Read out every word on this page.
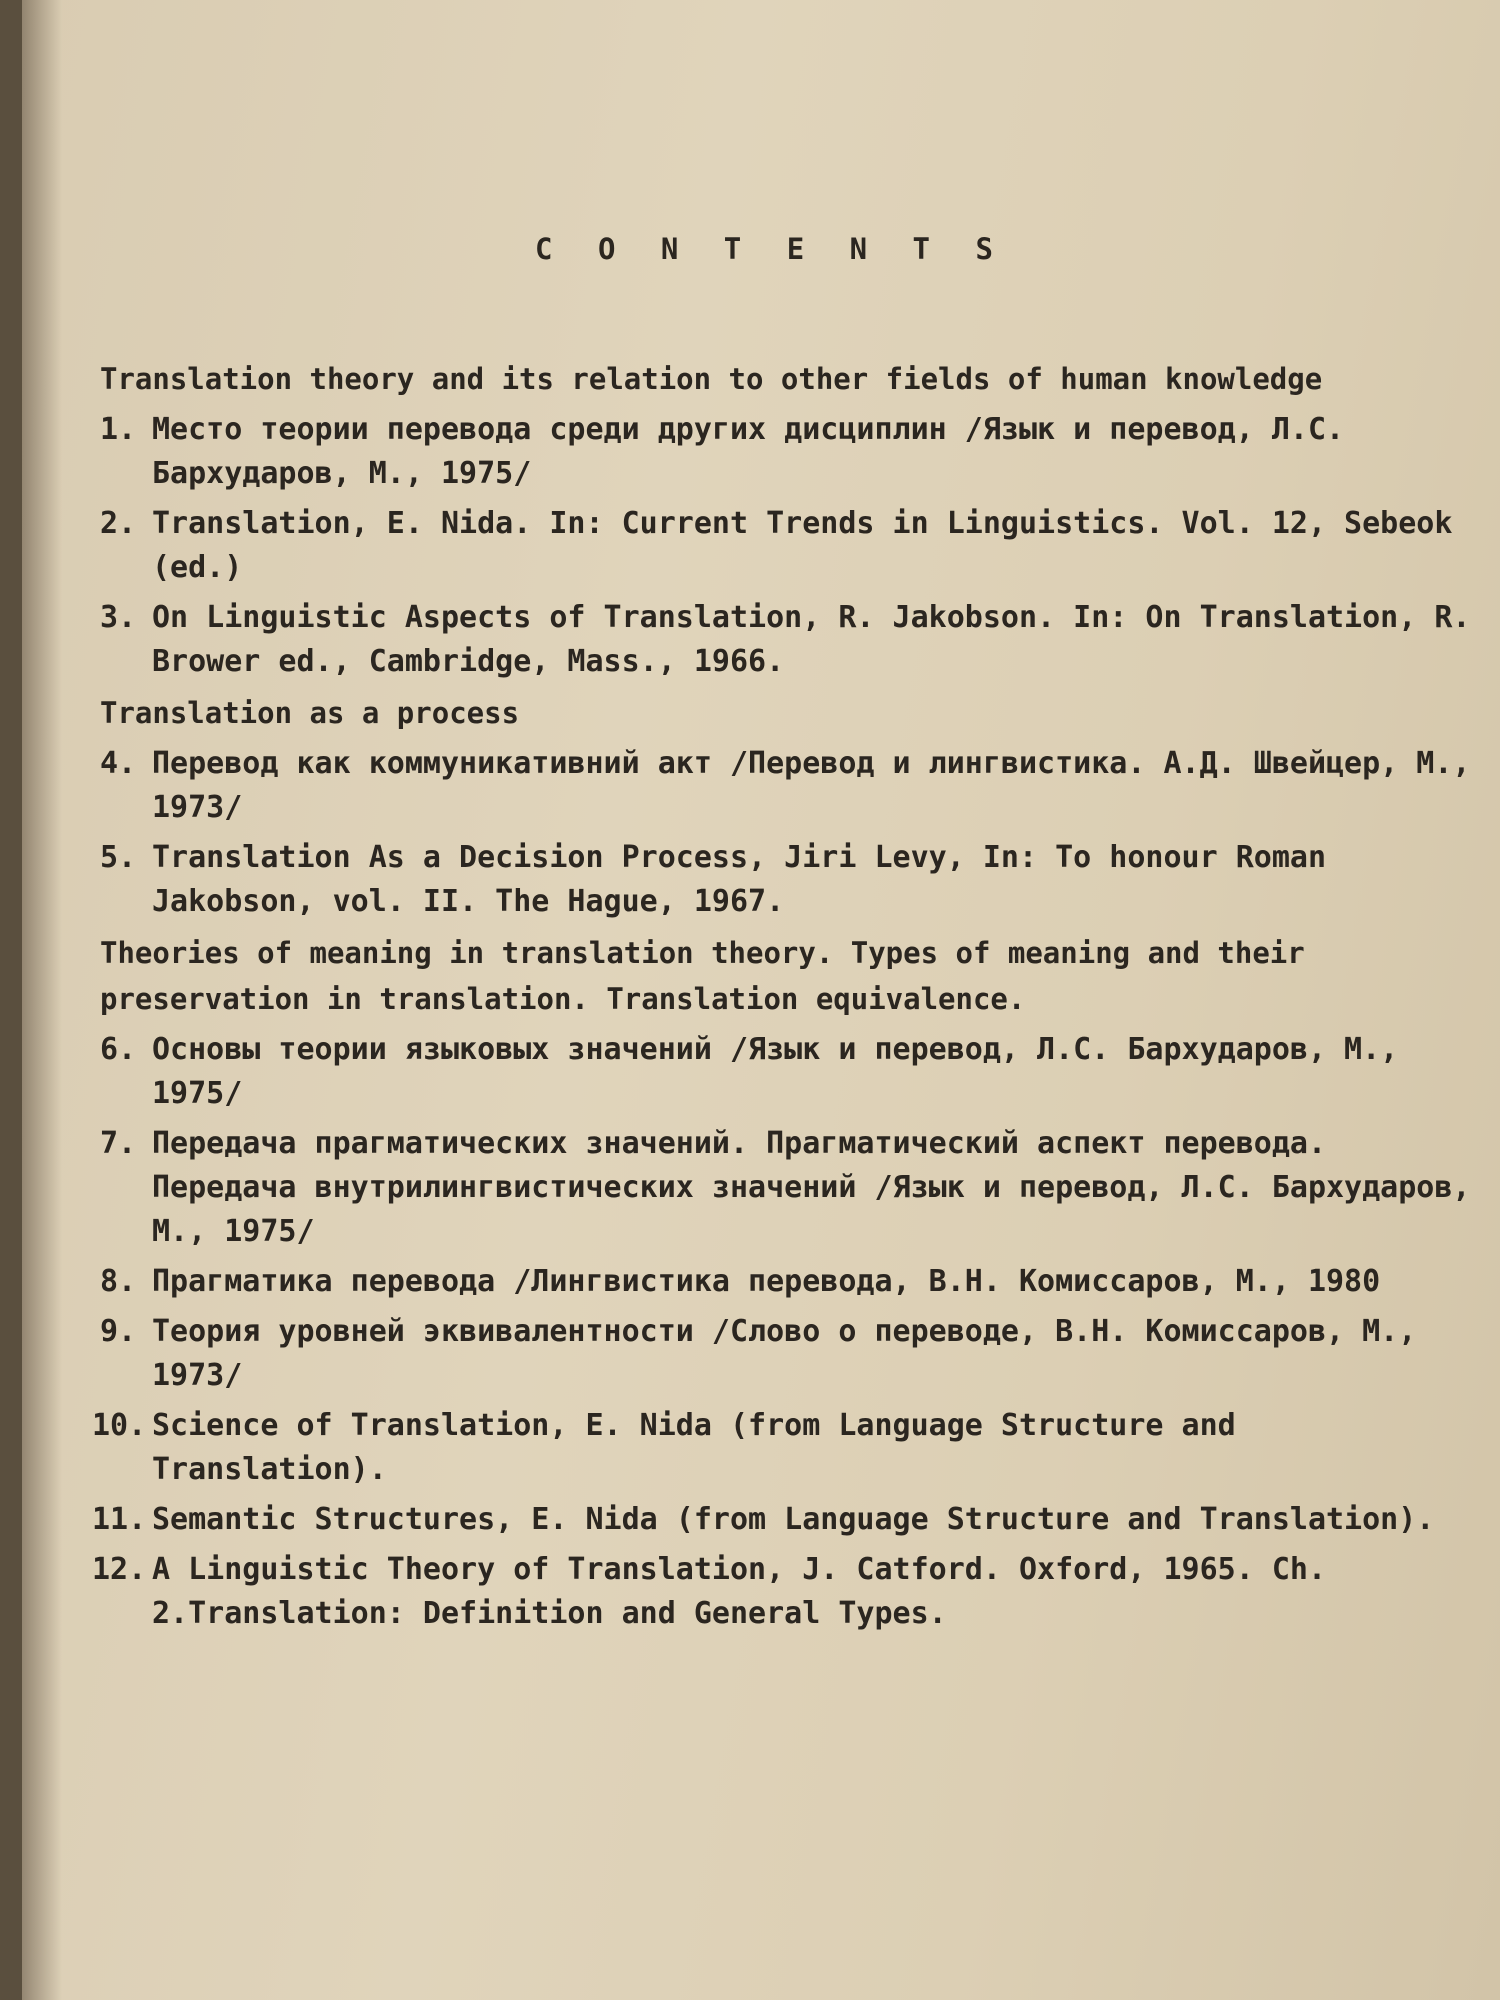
C O N T E N T S
Translation theory and its relation to other fields of human knowledge
1. Место теории перевода среди других дисциплин /Язык и перевод, Л.С. Бархударов, М., 1975/
2. Translation, E. Nida. In: Current Trends in Linguistics. Vol. 12, Sebeok (ed.)
3. On Linguistic Aspects of Translation, R. Jakobson. In: On Translation, R. Brower ed., Cambridge, Mass., 1966.
Translation as a process
4. Перевод как коммуникативний акт /Перевод и лингвистика. А.Д. Швейцер, М., 1973/
5. Translation As a Decision Process, Jiri Levy, In: To honour Roman Jakobson, vol. II. The Hague, 1967.
Theories of meaning in translation theory. Types of meaning and their preservation in translation. Translation equivalence.
6. Основы теории языковых значений /Язык и перевод, Л.С. Бархударов, М., 1975/
7. Передача прагматических значений. Прагматический аспект перевода. Передача внутрилингвистических значений /Язык и перевод, Л.С. Бархударов, М., 1975/
8. Прагматика перевода /Лингвистика перевода, В.Н. Комиссаров, М., 1980
9. Теория уровней эквивалентности /Слово о переводе, В.Н. Комиссаров, М., 1973/
10. Science of Translation, E. Nida (from Language Structure and Translation).
11. Semantic Structures, E. Nida (from Language Structure and Translation).
12. A Linguistic Theory of Translation, J. Catford. Oxford, 1965. Ch. 2.Translation: Definition and General Types.
